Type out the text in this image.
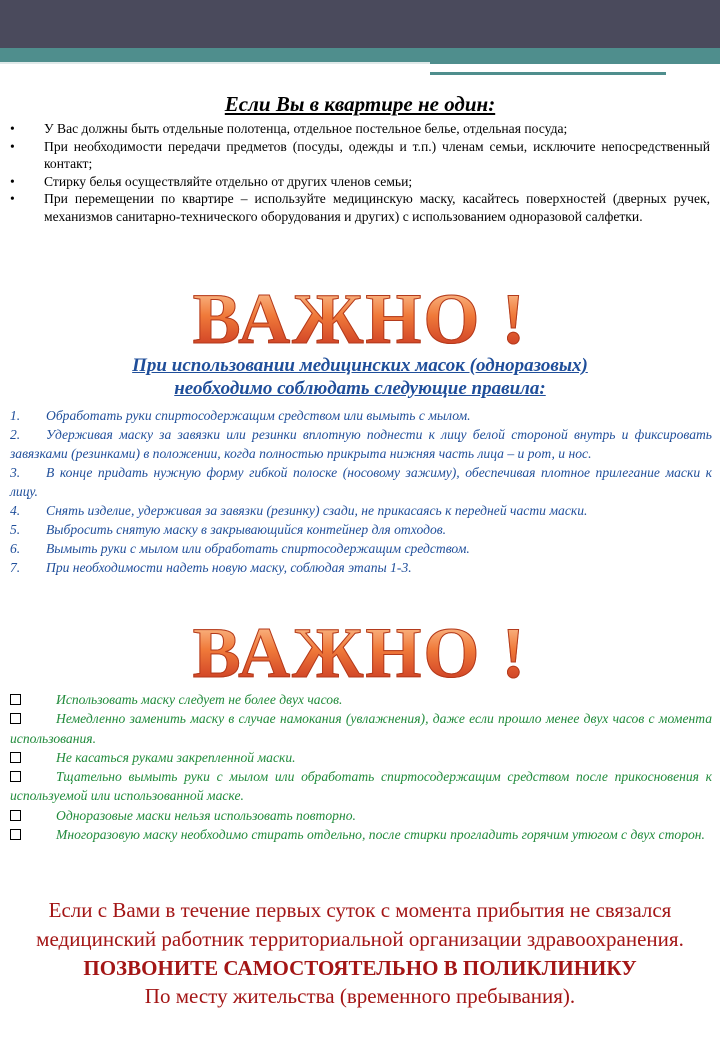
Если Вы в квартире не один:
• У Вас должны быть отдельные полотенца, отдельное постельное белье, отдельная посуда;
• При необходимости передачи предметов (посуды, одежды и т.п.) членам семьи, исключите непосредственный контакт;
• Стирку белья осуществляйте отдельно от других членов семьи;
• При перемещении по квартире – используйте медицинскую маску, касайтесь поверхностей (дверных ручек, механизмов санитарно-технического оборудования и других) с использованием одноразовой салфетки.
ВАЖНО !
При использовании медицинских масок (одноразовых)
необходимо соблюдать следующие правила:
1. Обработать руки спиртосодержащим средством или вымыть с мылом.
2. Удерживая маску за завязки или резинки вплотную поднести к лицу белой стороной внутрь и фиксировать завязками (резинками) в положении, когда полностью прикрыта нижняя часть лица – и рот, и нос.
3. В конце придать нужную форму гибкой полоске (носовому зажиму), обеспечивая плотное прилегание маски к лицу.
4. Снять изделие, удерживая за завязки (резинку) сзади, не прикасаясь к передней части маски.
5. Выбросить снятую маску в закрывающийся контейнер для отходов.
6. Вымыть руки с мылом или обработать спиртосодержащим средством.
7. При необходимости надеть новую маску, соблюдая этапы 1-3.
ВАЖНО !
Использовать маску следует не более двух часов.
Немедленно заменить маску в случае намокания (увлажнения), даже если прошло менее двух часов с момента использования.
Не касаться руками закрепленной маски.
Тщательно вымыть руки с мылом или обработать спиртосодержащим средством после прикосновения к используемой или использованной маске.
Одноразовые маски нельзя использовать повторно.
Многоразовую маску необходимо стирать отдельно, после стирки прогладить горячим утюгом с двух сторон.
Если с Вами в течение первых суток с момента прибытия не связался медицинский работник территориальной организации здравоохранения.
ПОЗВОНИТЕ САМОСТОЯТЕЛЬНО В ПОЛИКЛИНИКУ
По месту жительства (временного пребывания).
